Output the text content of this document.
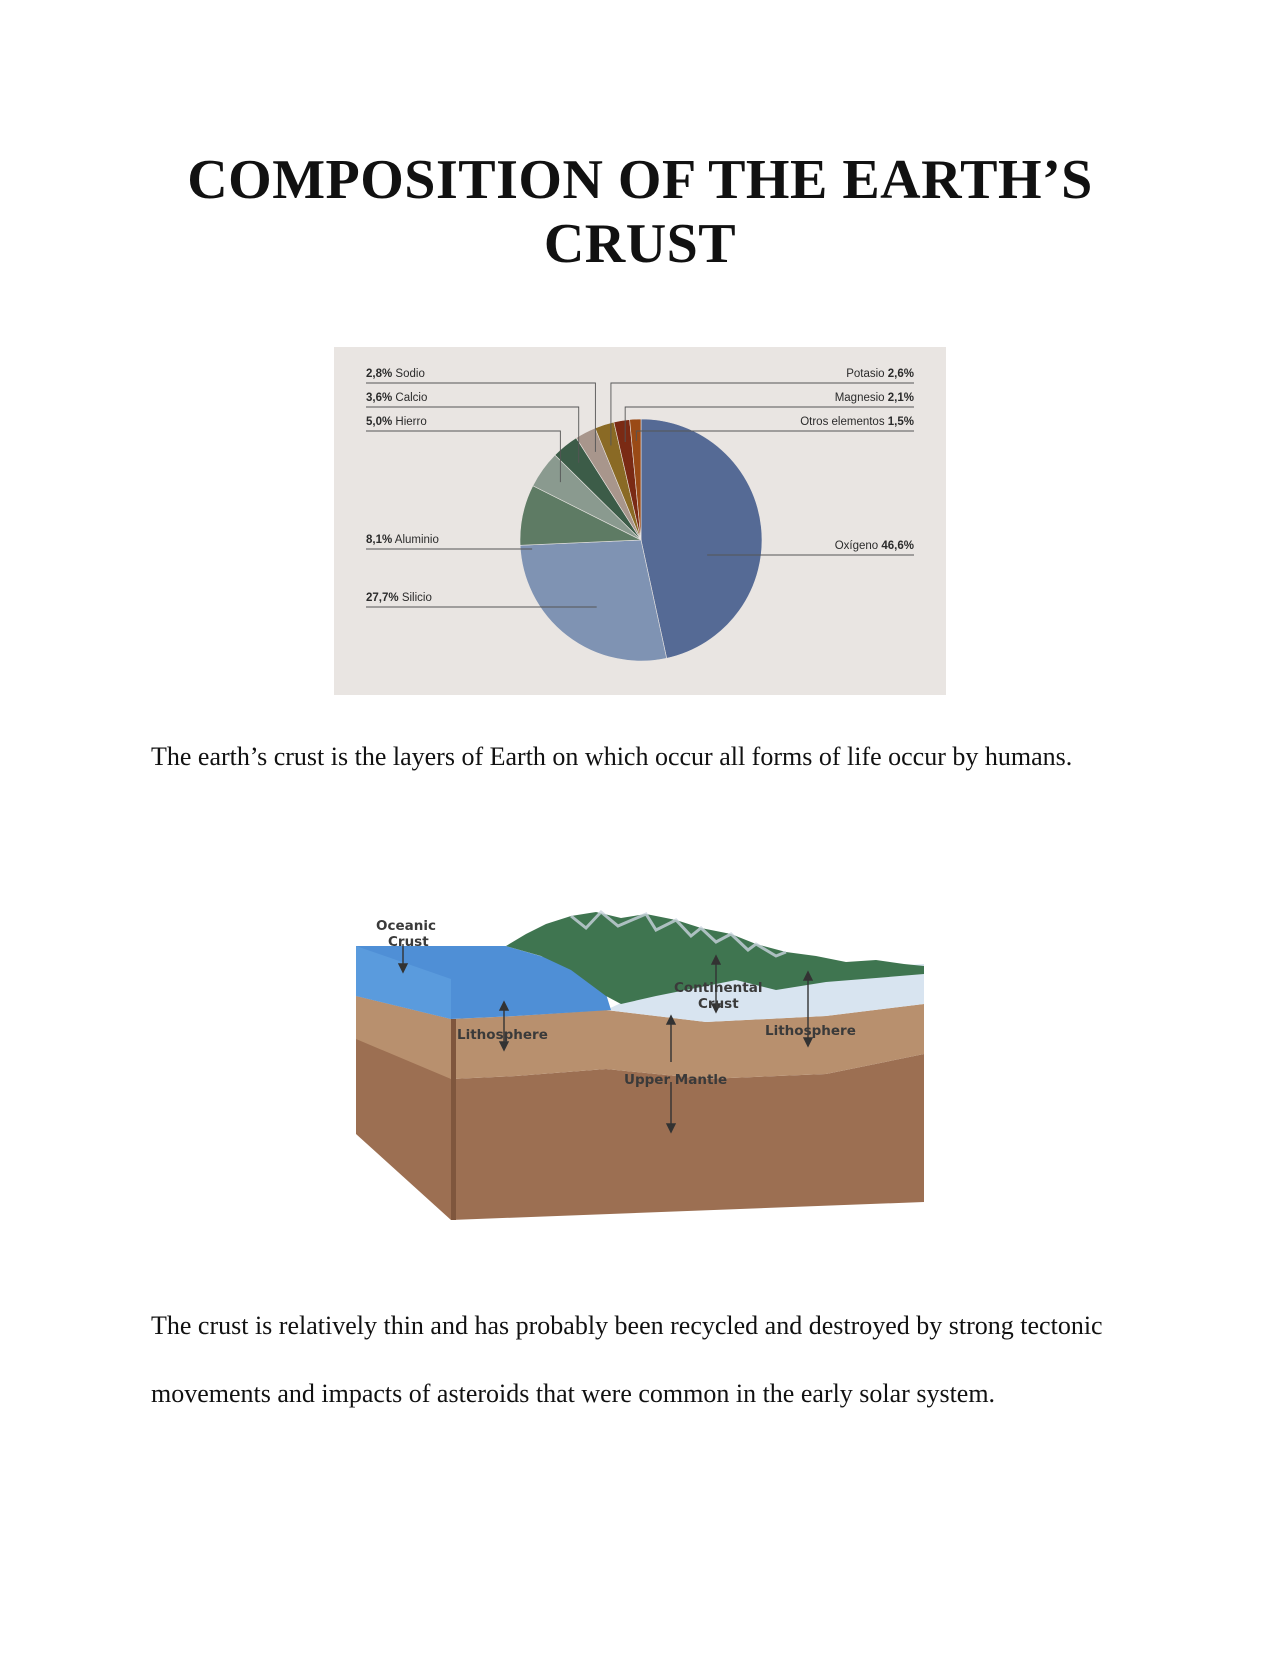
COMPOSITION OF THE EARTH’S CRUST
2,8% Sodio
3,6% Calcio
5,0% Hierro
8,1% Aluminio
27,7% Silicio
Potasio 2,6%
Magnesio 2,1%
Otros elementos 1,5%
Oxígeno 46,6%

The earth’s crust is the layers of Earth on which occur all forms of life occur by humans.

Oceanic
Crust
Continental
Crust
Lithosphere	Lithosphere
Upper Mantle

The crust is relatively thin and has probably been recycled and destroyed by strong tectonic movements and impacts of asteroids that were common in the early solar system.
